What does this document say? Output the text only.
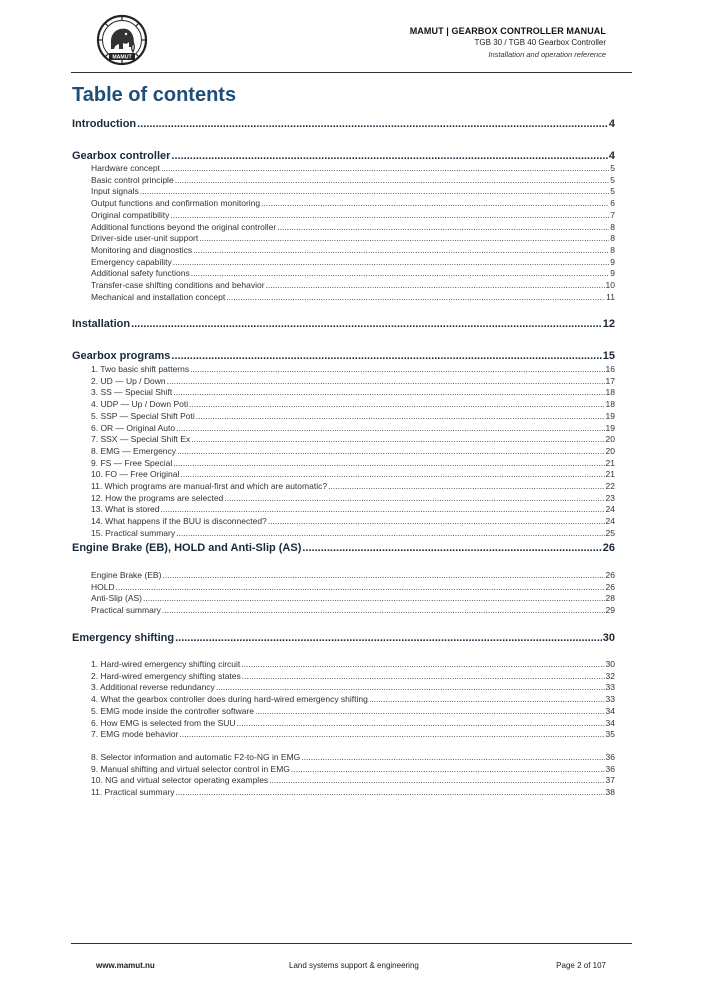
MAMUT
MAMUT | GEARBOX CONTROLLER MANUAL
TGB 30 / TGB 40 Gearbox Controller
Installation and operation reference
Table of contents
Introduction .....	4
Gearbox controller .....	4
Hardware concept .....	5
Basic control principle .....	5
Input signals .....	5
Output functions and confirmation monitoring .....	6
Original compatibility .....	7
Additional functions beyond the original controller .....	8
Driver-side user-unit support .....	8
Monitoring and diagnostics .....	8
Emergency capability .....	9
Additional safety functions .....	9
Transfer-case shifting conditions and behavior .....	10
Mechanical and installation concept .....	11
Installation .....	12
Gearbox programs .....	15
1. Two basic shift patterns .....	16
2. UD — Up / Down .....	17
3. SS — Special Shift .....	18
4. UDP — Up / Down Poti .....	18
5. SSP — Special Shift Poti .....	19
6. OR — Original Auto .....	19
7. SSX — Special Shift Ex .....	20
8. EMG — Emergency .....	20
9. FS — Free Special .....	21
10. FO — Free Original .....	21
11. Which programs are manual-first and which are automatic? .....	22
12. How the programs are selected .....	23
13. What is stored .....	24
14. What happens if the BUU is disconnected? .....	24
15. Practical summary .....	25
Engine Brake (EB), HOLD and Anti-Slip (AS) .....	26
Engine Brake (EB) .....	26
HOLD .....	26
Anti-Slip (AS) .....	28
Practical summary .....	29
Emergency shifting .....	30
1. Hard-wired emergency shifting circuit .....	30
2. Hard-wired emergency shifting states .....	32
3. Additional reverse redundancy .....	33
4. What the gearbox controller does during hard-wired emergency shifting .....	33
5. EMG mode inside the controller software .....	34
6. How EMG is selected from the SUU .....	34
7. EMG mode behavior .....	35
8. Selector information and automatic F2-to-NG in EMG .....	36
9. Manual shifting and virtual selector control in EMG .....	36
10. NG and virtual selector operating examples .....	37
11. Practical summary .....	38
www.mamut.nu	Land systems support & engineering	Page 2 of 107
